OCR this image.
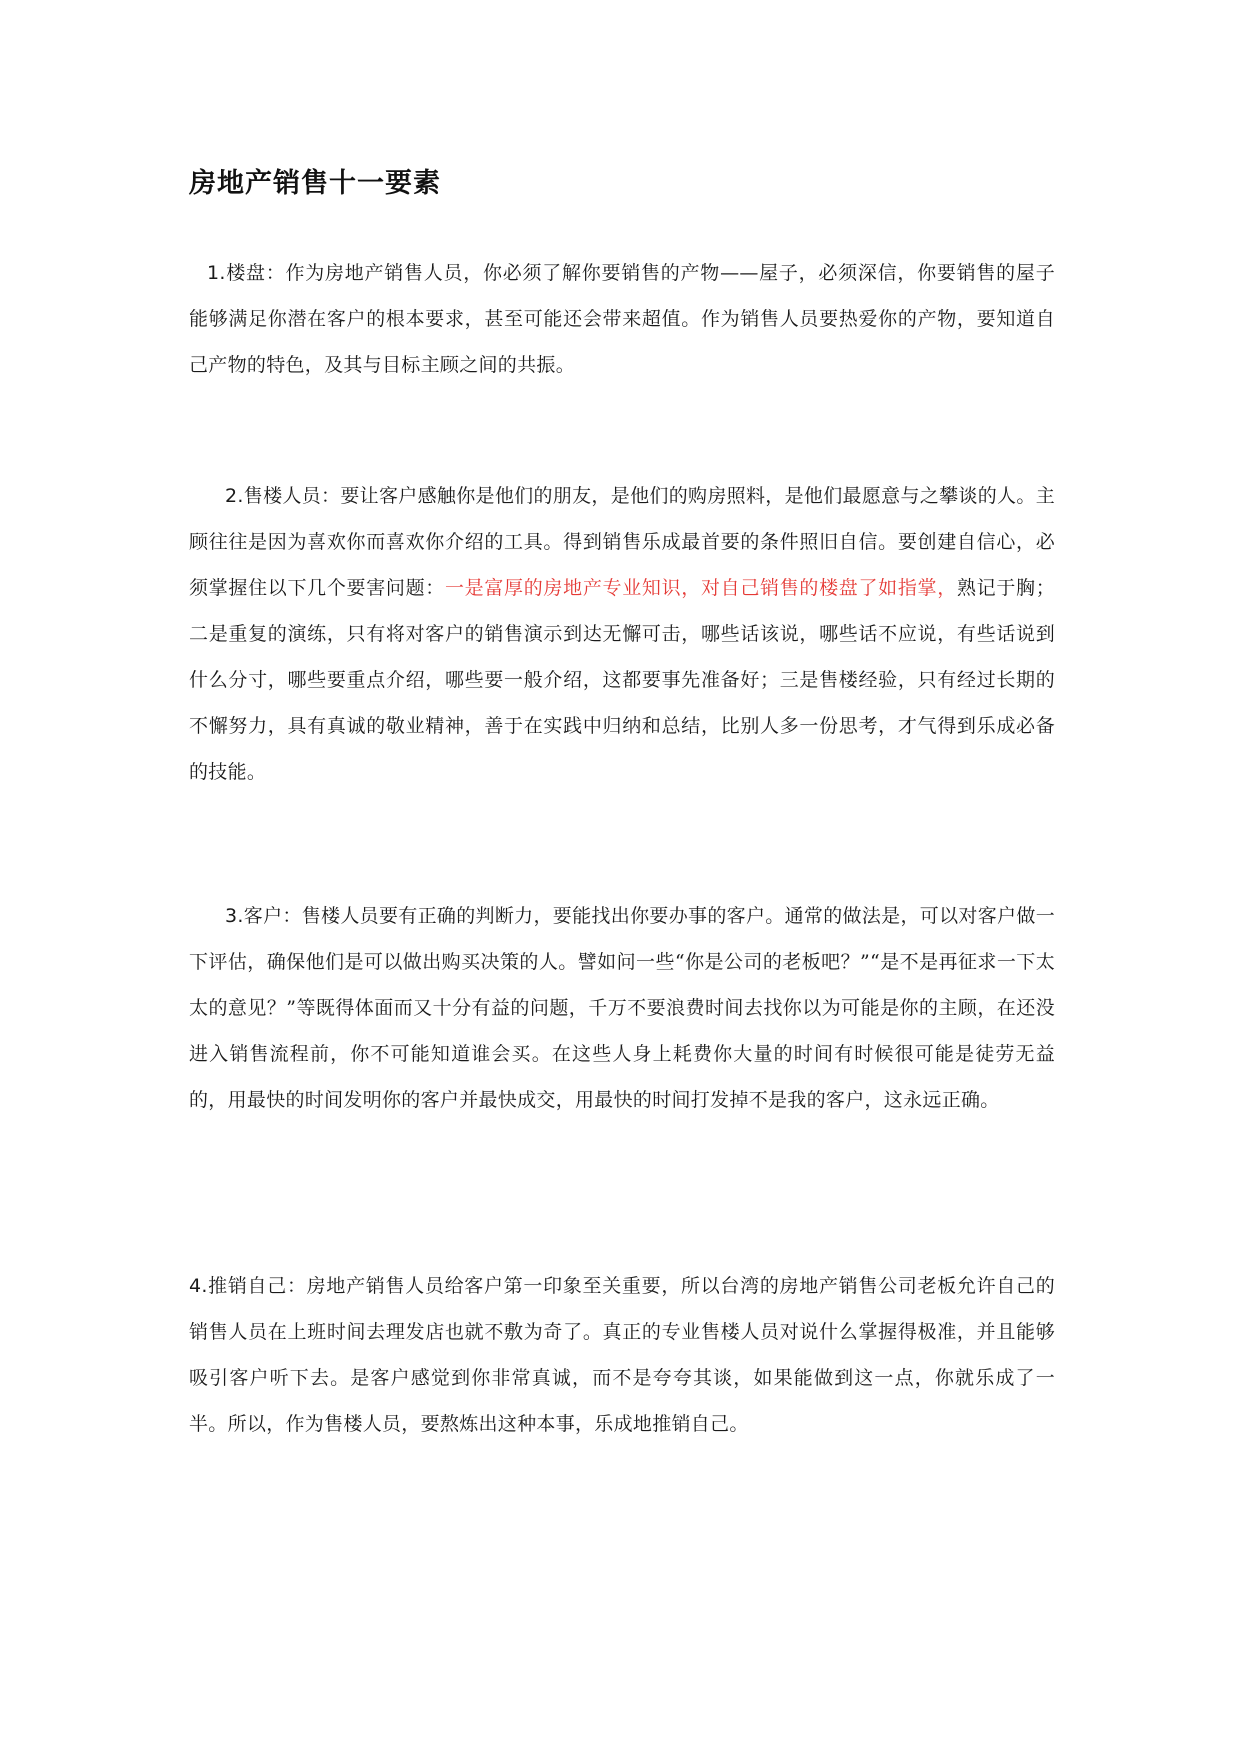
房地产销售十一要素

1.楼盘：作为房地产销售人员，你必须了解你要销售的产物——屋子，必须深信，你要销售的屋子能够满足你潜在客户的根本要求，甚至可能还会带来超值。作为销售人员要热爱你的产物，要知道自己产物的特色，及其与目标主顾之间的共振。

2.售楼人员：要让客户感触你是他们的朋友，是他们的购房照料，是他们最愿意与之攀谈的人。主顾往往是因为喜欢你而喜欢你介绍的工具。得到销售乐成最首要的条件照旧自信。要创建自信心，必须掌握住以下几个要害问题：一是富厚的房地产专业知识，对自己销售的楼盘了如指掌，熟记于胸；二是重复的演练，只有将对客户的销售演示到达无懈可击，哪些话该说，哪些话不应说，有些话说到什么分寸，哪些要重点介绍，哪些要一般介绍，这都要事先准备好；三是售楼经验，只有经过长期的不懈努力，具有真诚的敬业精神，善于在实践中归纳和总结，比别人多一份思考，才气得到乐成必备的技能。

3.客户：售楼人员要有正确的判断力，要能找出你要办事的客户。通常的做法是，可以对客户做一下评估，确保他们是可以做出购买决策的人。譬如问一些“你是公司的老板吧？”“是不是再征求一下太太的意见？”等既得体面而又十分有益的问题，千万不要浪费时间去找你以为可能是你的主顾，在还没进入销售流程前，你不可能知道谁会买。在这些人身上耗费你大量的时间有时候很可能是徒劳无益的，用最快的时间发明你的客户并最快成交，用最快的时间打发掉不是我的客户，这永远正确。

4.推销自己：房地产销售人员给客户第一印象至关重要，所以台湾的房地产销售公司老板允许自己的销售人员在上班时间去理发店也就不敷为奇了。真正的专业售楼人员对说什么掌握得极准，并且能够吸引客户听下去。是客户感觉到你非常真诚，而不是夸夸其谈，如果能做到这一点，你就乐成了一半。所以，作为售楼人员，要熬炼出这种本事，乐成地推销自己。
